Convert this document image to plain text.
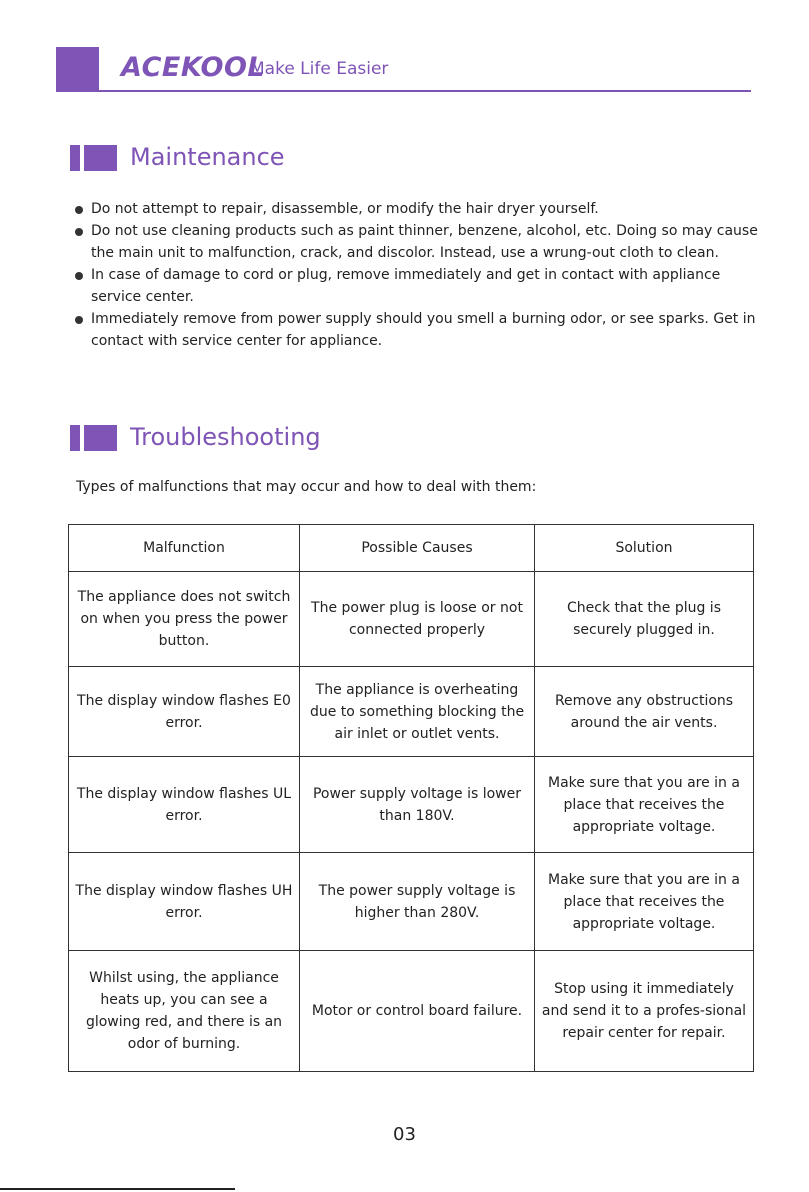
ACEKOOL
Make Life Easier
Maintenance
Do not attempt to repair, disassemble, or modify the hair dryer yourself.
Do not use cleaning products such as paint thinner, benzene, alcohol, etc. Doing so may cause the main unit to malfunction, crack, and discolor. Instead, use a wrung-out cloth to clean.
In case of damage to cord or plug, remove immediately and get in contact with appliance service center.
Immediately remove from power supply should you smell a burning odor, or see sparks. Get in contact with service center for appliance.
Troubleshooting
Types of malfunctions that may occur and how to deal with them:
Malfunction	Possible Causes	Solution
The appliance does not switch on when you press the power button.	The power plug is loose or not connected properly	Check that the plug is securely plugged in.
The display window flashes E0 error.	The appliance is overheating due to something blocking the air inlet or outlet vents.	Remove any obstructions around the air vents.
The display window flashes UL error.	Power supply voltage is lower than 180V.	Make sure that you are in a place that receives the appropriate voltage.
The display window flashes UH error.	The power supply voltage is higher than 280V.	Make sure that you are in a place that receives the appropriate voltage.
Whilst using, the appliance heats up, you can see a glowing red, and there is an odor of burning.	Motor or control board failure.	Stop using it immediately and send it to a profes-sional repair center for repair.
03
